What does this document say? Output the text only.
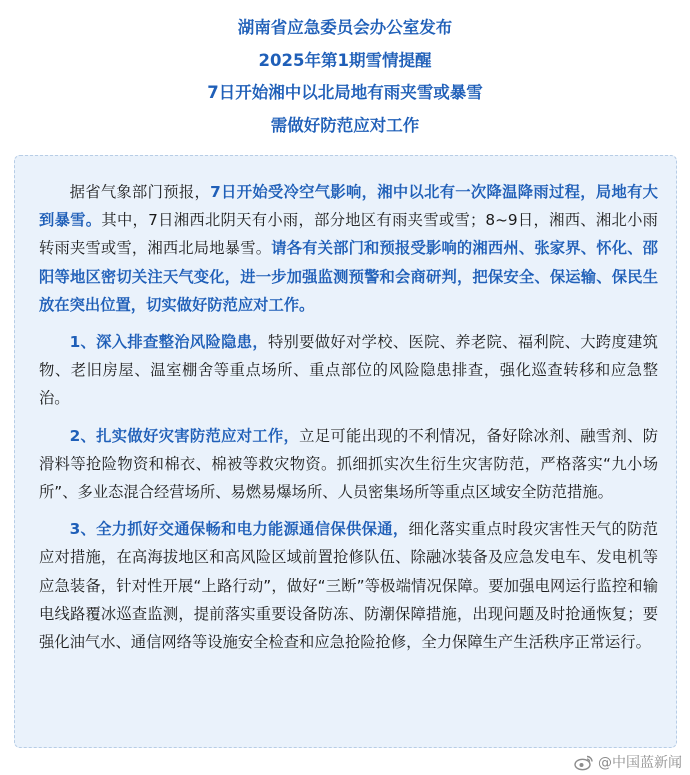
湖南省应急委员会办公室发布
2025年第1期雪情提醒
7日开始湘中以北局地有雨夹雪或暴雪
需做好防范应对工作

据省气象部门预报，7日开始受冷空气影响，湘中以北有一次降温降雨过程，局地有大到暴雪。其中，7日湘西北阴天有小雨，部分地区有雨夹雪或雪；8~9日，湘西、湘北小雨转雨夹雪或雪，湘西北局地暴雪。请各有关部门和预报受影响的湘西州、张家界、怀化、邵阳等地区密切关注天气变化，进一步加强监测预警和会商研判，把保安全、保运输、保民生放在突出位置，切实做好防范应对工作。

1、深入排查整治风险隐患，特别要做好对学校、医院、养老院、福利院、大跨度建筑物、老旧房屋、温室棚舍等重点场所、重点部位的风险隐患排查，强化巡查转移和应急整治。

2、扎实做好灾害防范应对工作，立足可能出现的不利情况，备好除冰剂、融雪剂、防滑料等抢险物资和棉衣、棉被等救灾物资。抓细抓实次生衍生灾害防范，严格落实“九小场所”、多业态混合经营场所、易燃易爆场所、人员密集场所等重点区域安全防范措施。

3、全力抓好交通保畅和电力能源通信保供保通，细化落实重点时段灾害性天气的防范应对措施，在高海拔地区和高风险区域前置抢修队伍、除融冰装备及应急发电车、发电机等应急装备，针对性开展“上路行动”，做好“三断”等极端情况保障。要加强电网运行监控和输电线路覆冰巡查监测，提前落实重要设备防冻、防潮保障措施，出现问题及时抢通恢复；要强化油气水、通信网络等设施安全检查和应急抢险抢修，全力保障生产生活秩序正常运行。

@中国蓝新闻
